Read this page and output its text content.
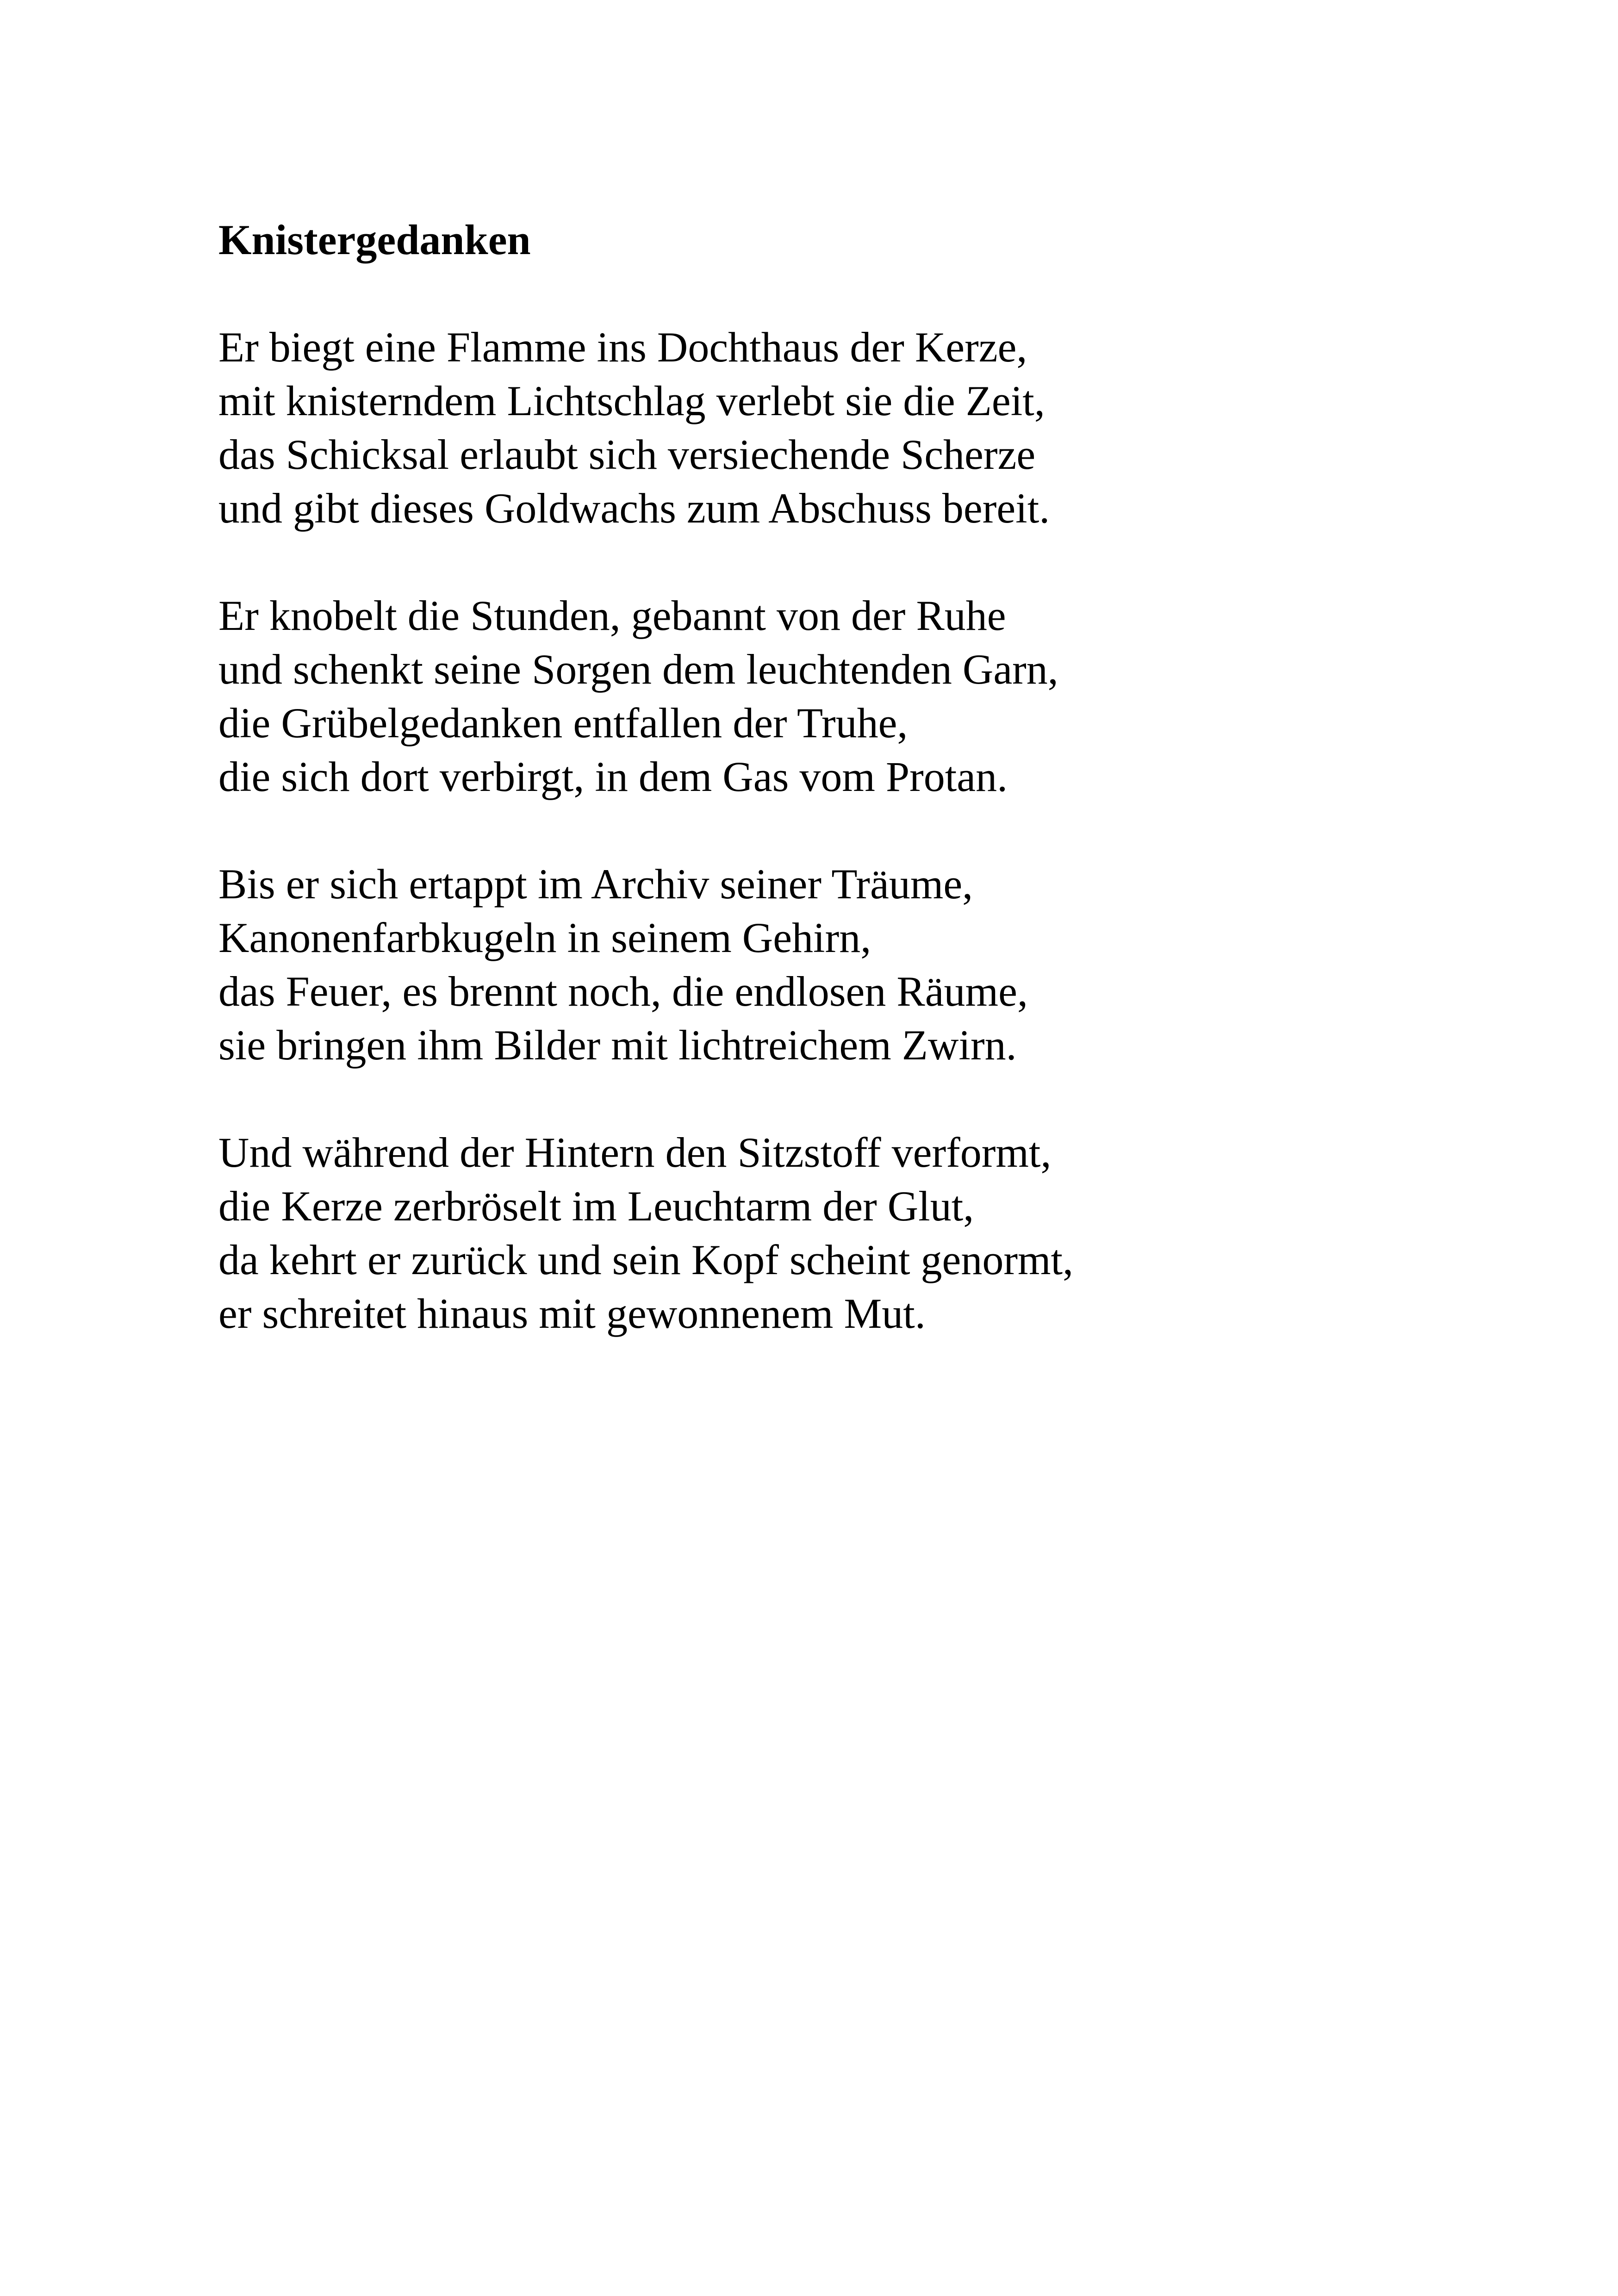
Knistergedanken
Er biegt eine Flamme ins Dochthaus der Kerze,
mit knisterndem Lichtschlag verlebt sie die Zeit,
das Schicksal erlaubt sich versiechende Scherze
und gibt dieses Goldwachs zum Abschuss bereit.
Er knobelt die Stunden, gebannt von der Ruhe
und schenkt seine Sorgen dem leuchtenden Garn,
die Grübelgedanken entfallen der Truhe,
die sich dort verbirgt, in dem Gas vom Protan.
Bis er sich ertappt im Archiv seiner Träume,
Kanonenfarbkugeln in seinem Gehirn,
das Feuer, es brennt noch, die endlosen Räume,
sie bringen ihm Bilder mit lichtreichem Zwirn.
Und während der Hintern den Sitzstoff verformt,
die Kerze zerbröselt im Leuchtarm der Glut,
da kehrt er zurück und sein Kopf scheint genormt,
er schreitet hinaus mit gewonnenem Mut.
